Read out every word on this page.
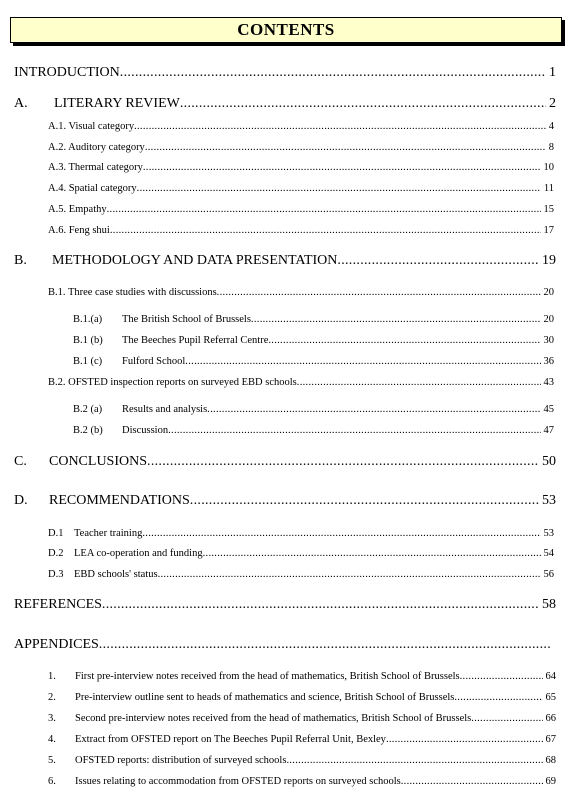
CONTENTS
INTRODUCTION .....	1
A.	LITERARY REVIEW .....	2
A.1. Visual category .....	4
A.2. Auditory category .....	8
A.3. Thermal category .....	10
A.4. Spatial category .....	11
A.5. Empathy .....	15
A.6. Feng shui .....	17
B.	METHODOLOGY AND DATA PRESENTATION .....	19
B.1. Three case studies with discussions .....	20
B.1.(a)	The British School of Brussels .....	20
B.1 (b)	The Beeches Pupil Referral Centre .....	30
B.1 (c)	Fulford School .....	36
B.2. OFSTED inspection reports on surveyed EBD schools .....	43
B.2 (a)	Results and analysis .....	45
B.2 (b)	Discussion .....	47
C.	CONCLUSIONS .....	50
D.	RECOMMENDATIONS .....	53
D.1	Teacher training .....	53
D.2	LEA co-operation and funding .....	54
D.3	EBD schools' status .....	56
REFERENCES .....	58
APPENDICES
.....
1.	First pre-interview notes received from the head of mathematics, British School of Brussels .....	64
2.	Pre-interview outline sent to heads of mathematics and science, British School of Brussels .....	65
3.	Second pre-interview notes received from the head of mathematics, British School of Brussels .....	66
4.	Extract from OFSTED report on The Beeches Pupil Referral Unit, Bexley .....	67
5.	OFSTED reports: distribution of surveyed schools .....	68
6.	Issues relating to accommodation from OFSTED reports on surveyed schools .....	69
